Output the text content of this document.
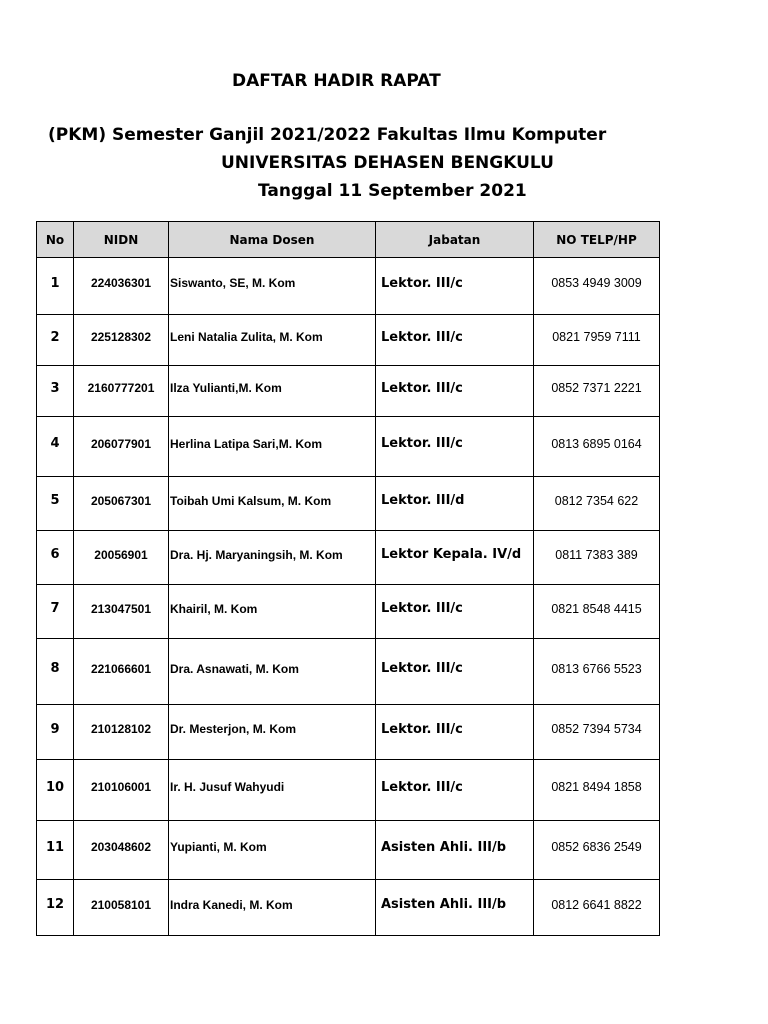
DAFTAR HADIR RAPAT
(PKM) Semester Ganjil 2021/2022 Fakultas Ilmu Komputer
UNIVERSITAS DEHASEN BENGKULU
Tanggal 11 September 2021
No	NIDN	Nama Dosen	Jabatan	NO TELP/HP

1	224036301	Siswanto, SE, M. Kom	Lektor. III/c	0853 4949 3009

2	225128302	Leni Natalia Zulita, M. Kom	Lektor. III/c	0821 7959 7111

3	2160777201	Ilza Yulianti,M. Kom	Lektor. III/c	0852 7371 2221

4	206077901	Herlina Latipa Sari,M. Kom	Lektor. III/c	0813 6895 0164

5	205067301	Toibah Umi Kalsum, M. Kom	Lektor. III/d	0812 7354 622

6	20056901	Dra. Hj. Maryaningsih, M. Kom	Lektor Kepala. IV/d	0811 7383 389

7	213047501	Khairil, M. Kom	Lektor. III/c	0821 8548 4415

8	221066601	Dra. Asnawati, M. Kom	Lektor. III/c	0813 6766 5523

9	210128102	Dr. Mesterjon, M. Kom	Lektor. III/c	0852 7394 5734

10	210106001	Ir. H. Jusuf Wahyudi	Lektor. III/c	0821 8494 1858

11	203048602	Yupianti, M. Kom	Asisten Ahli. III/b	0852 6836 2549

12	210058101	Indra Kanedi, M. Kom	Asisten Ahli. III/b	0812 6641 8822
